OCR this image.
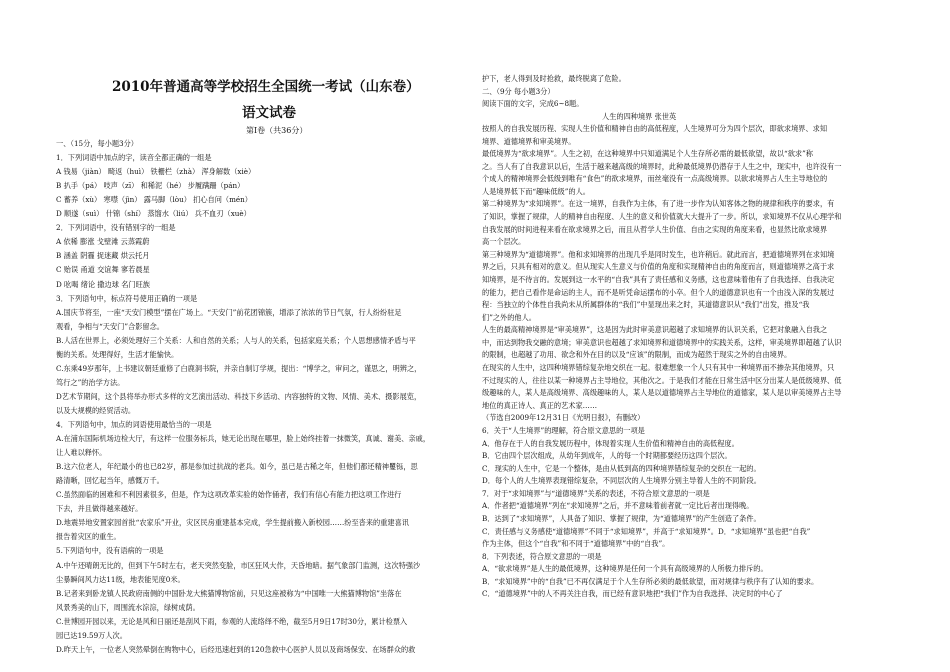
2010年普通高等学校招生全国统一考试（山东卷）
语文试卷
第Ⅰ卷（共36分）
一、（15分，每小题3分）
1．下列词语中加点的字，读音全都正确的一组是
A 钱易（jiàn） 畸返（huì） 铁栅栏（zhà） 浑身解数（xiè）
B 扒手（pá） 吱声（zī） 和稀泥（hé） 步履蹒跚（pán）
C 蓄养（xù） 寒噤（jìn） 露马脚（lòu） 扪心自问（mén）
D 顺遂（suì） 什锦（shí） 蒸馏水（liú） 兵不血刃（xuè）
2．下列词语中，没有错别字的一组是
A 依稀 膨涨 戈壁滩 云蒸霞蔚
B 涵盖 阴霾 捉迷藏 烘云托月
C 贻误 甬道 交谊舞 寥若晨星
D 吆喝 绪论 撒边球 名门旺族
3．下列语句中，标点符号使用正确的一项是
A.国庆节将至，一座“天安门模型”摆在广场上。“天安门”前花团锦簇，增添了浓浓的节日气氛，行人纷纷驻足
观看，争相与“天安门”合影留念。
B.人活在世界上，必须处理好三个关系：人和自然的关系；人与人的关系，包括家庭关系；个人思想感情矛盾与平
衡的关系。处理得好，生活才能愉快。
C.东乘49岁那年，上书建议朝廷重修了白鹿洞书院，并亲自制订学规，提出：“博学之，审问之，谨思之，明辨之，
笃行之”的治学方法。
D艺术节期间，这个县将举办形式多样的文艺演出活动、科技下乡活动、内容独特的文物、风情、美术、摄影展览，
以及大规模的经贸活动。
4．下列语句中，加点的词语使用最恰当的一项是
A.在浦东国际机场边检大厅，有这样一位服务标兵，她无论出现在哪里，脸上始终挂着一抹微笑，真诚、谢美、亲戚，
让人难以释怀。
B.这六位老人，年纪最小的也已82岁，都是参加过抗战的老兵。如今，虽已是古稀之年，但他们都还精神矍铄，思
路清晰，回忆起当年，感慨万千。
C.虽然面临的困难和不利因素很多，但是，作为这项改革实验的始作俑者，我们有信心有能力把这项工作进行
下去，并且做得越来越好。
D.地震异地安置家园首批“农家乐”开业，灾区民房重建基本完成，学生提前搬入新校园……纷至沓来的重建喜讯
报告着灾区的重生。
5.下列语句中，没有语病的一项是
A.中午还晴朗无比的，但到下午5时左右，老天突然变脸，市区狂风大作，天昏地暗。据气象部门监测，这次特强沙
尘暴瞬间风力达11级，地表能见度0米。
B.记者来到卧龙镇人民政府南侧的中国卧龙大熊猫博物馆前，只见这座被称为“中国唯一大熊猫博物馆”坐落在
风景秀美的山下，周围流水淙淙，绿树成荫。
C.世博园开园以来，无论是风和日丽还是刮风下雨，参观的人流络绎不绝，截至5月9日17时30分，累计检票入
园已达19.59万人次。
D.昨天上午，一位老人突然晕倒在购物中心，后经迅速赶到的120急救中心医护人员以及商场保安、在场群众的救
护下，老人得到及时抢救，最终脱离了危险。
二、（9分 每小题3分）
阅读下面的文字，完成6~8题。
人生的四种境界 张世英
按照人的自我发展历程、实现人生价值和精神自由的高低程度，人生境界可分为四个层次，即欲求境界、求知
境界、道德境界和审美境界。
最低境界为“欲求境界”。人生之初，在这种境界中只知道满足个人生存所必需的最低欲望，故以“欲求”称
之。当人有了自我意识以后，生活于越来越高级的境界时，此种最低境界仍潜存于人生之中，现实中，也许没有一
个成人的精神境界会低级到唯有“食色”的欲求境界，而丝毫没有一点高级境界。以欲求境界占人生主导地位的
人是境界低下而“趣味低级”的人。
第二种境界为“求知境界”。在这一境界，自我作为主体，有了进一步作为认知客体之物的规律和秩序的要求，有
了知识，掌握了规律，人的精神自由程度、人生的意义和价值就大大提升了一步。所以，求知境界不仅从心理学和
自我发展的时间进程来看在欲求境界之后，而且从哲学人生价值、自由之实现的角度来看，也显然比欲求境界
高一个层次。
第三种境界为“道德境界”。他和求知境界的出现几乎是同时发生，也许稍后。就此而言，把道德境界列在求知境
界之后，只具有相对的意义。但从现实人生意义与价值的角度和实现精神自由的角度而言，则道德境界之高于求
知境界，是不待言的。发展到这一水平的“自我”具有了责任感和义务感，这也意味着他有了自我选择、自我决定
的能力，把自己看作是命运的主人，而不是听凭命运摆布的小卒。但个人的道德意识也有一个由浅入深的发展过
程：当独立的个体性自我尚未从所属群体的“我们”中显现出来之时，其道德意识从“我们”出发，推及“我
们”之外的他人。
人生的最高精神境界是“审美境界”，这是因为此时审美意识超越了求知境界的认识关系，它把对象融入自我之
中，而达到物我交融的意境；审美意识也超越了求知境界和道德境界中的实践关系，这样，审美境界即超越了认识
的限制，也超越了功用、欲念和外在目的以及“应该”的限制，而成为超然于现实之外的自由境界。
在现实的人生中，这四种境界错综复杂地交织在一起。很难想象一个人只有其中一种境界而不掺杂其他境界，只
不过现实的人，往往以某一种境界占主导地位，其他次之。于是我们才能在日常生活中区分出某人是低级境界、低
级趣味的人，某人是高级境界、高级趣味的人，某人是以道德境界占主导地位的道德家，某人是以审美境界占主导
地位的真正诗人、真正的艺术家……
（节选自2009年12月31日《光明日报》，有删改）
6．关于“人生境界”的理解，符合原文意思的一项是
A．他存在于人的自我发展历程中，体现着实现人生价值和精神自由的高低程度。
B．它由四个层次组成，从幼年到成年，人的每一个时期都要经历这四个层次。
C．现实的人生中，它是一个整体，是由从低到高的四种境界错综复杂的交织在一起的。
D．每个人的人生境界表现错综复杂，不同层次的人生境界分别主导着人生的不同阶段。
7．对于“求知境界”与“道德境界”关系的表述，不符合原文意思的一项是
A．作者把“道德境界”列在“求知境界”之后，并不意味着前者就一定比后者出现得晚。
B．达到了“求知境界”，人具备了知识、掌握了规律，为“道德境界”的产生创造了条件。
C．责任感与义务感使“道德境界”不同于“求知境界”，并高于“求知境界”。D．“求知境界”虽也把“自我”
作为主体，但这个“自我”和不同于“道德境界”中的“自我”。
8．下列表述，符合原文意思的一项是
A．“欲求境界”是人生的最低境界，这种境界是任何一个具有高级境界的人所极力排斥的。
B．“求知境界”中的“自我”已不再仅满足于个人生存所必须的最低欲望，而对规律与秩序有了认知的要求。
C．“道德境界”中的人不再关注自我，而已经有意识地把“我们”作为自我选择、决定时的中心了
